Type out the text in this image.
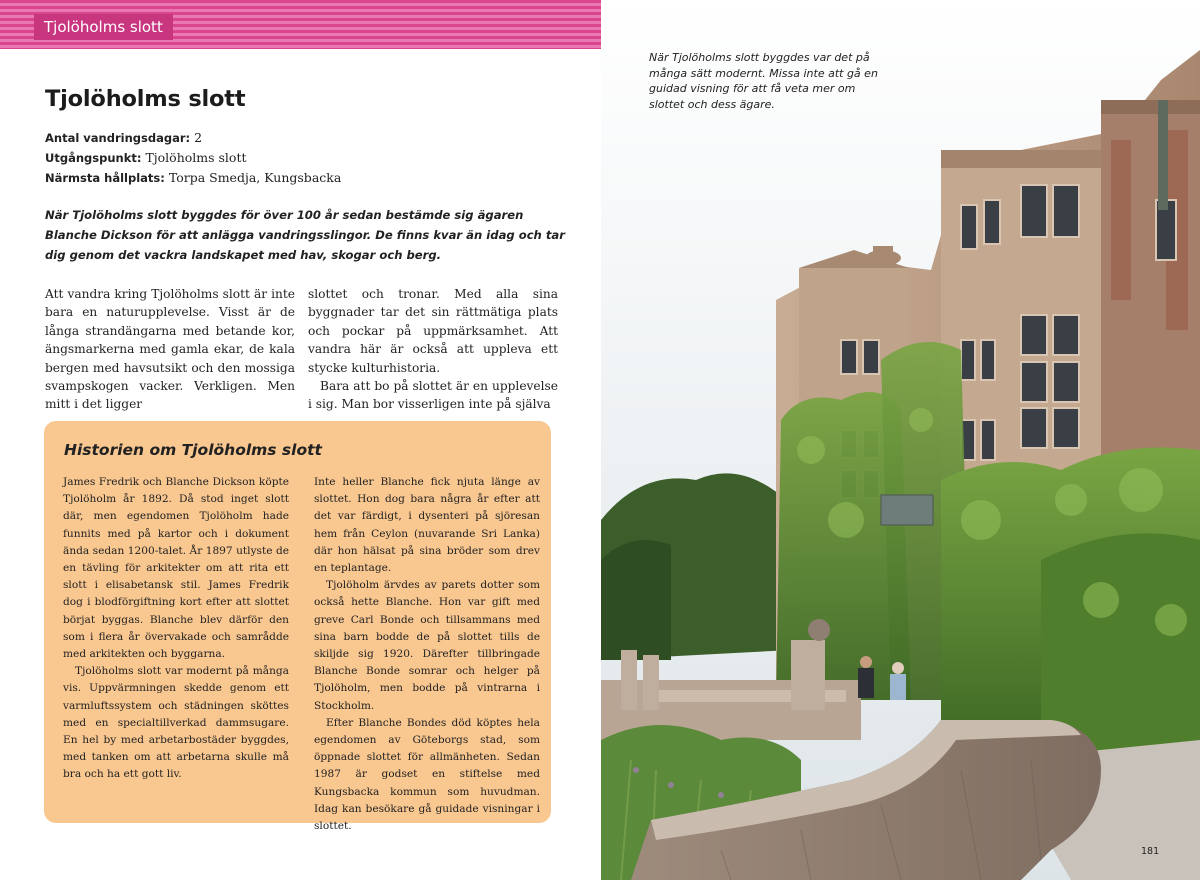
Tjolöholms slott
Tjolöholms slott
Antal vandringsdagar: 2
Utgångspunkt: Tjolöholms slott
Närmsta hållplats: Torpa Smedja, Kungsbacka

När Tjolöholms slott byggdes för över 100 år sedan bestämde sig ägaren Blanche Dickson för att anlägga vandringsslingor. De finns kvar än idag och tar dig genom det vackra landskapet med hav, skogar och berg.

Att vandra kring Tjolöholms slott är inte bara en naturupplevelse. Visst är de långa strandängarna med betande kor, ängsmarkerna med gamla ekar, de kala bergen med havsutsikt och den mossiga svampskogen vacker. Verkligen. Men mitt i det ligger

slottet och tronar. Med alla sina byggnader tar det sin rättmätiga plats och pockar på uppmärksamhet. Att vandra här är också att uppleva ett stycke kulturhistoria.

Bara att bo på slottet är en upplevelse i sig. Man bor visserligen inte på själva

Historien om Tjolöholms slott

James Fredrik och Blanche Dickson köpte Tjolöholm år 1892. Då stod inget slott där, men egendomen Tjolöholm hade funnits med på kartor och i dokument ända sedan 1200-talet. År 1897 utlyste de en tävling för arkitekter om att rita ett slott i elisabetansk stil. James Fredrik dog i blodförgiftning kort efter att slottet börjat byggas. Blanche blev därför den som i flera år övervakade och samrådde med arkitekten och byggarna.

Tjolöholms slott var modernt på många vis. Uppvärmningen skedde genom ett varmluftssystem och städningen sköttes med en specialtillverkad dammsugare. En hel by med arbetarbostäder byggdes, med tanken om att arbetarna skulle må bra och ha ett gott liv.

Inte heller Blanche fick njuta länge av slottet. Hon dog bara några år efter att det var färdigt, i dysenteri på sjöresan hem från Ceylon (nuvarande Sri Lanka) där hon hälsat på sina bröder som drev en teplantage.

Tjolöholm ärvdes av parets dotter som också hette Blanche. Hon var gift med greve Carl Bonde och tillsammans med sina barn bodde de på slottet tills de skiljde sig 1920. Därefter tillbringade Blanche Bonde somrar och helger på Tjolöholm, men bodde på vintrarna i Stockholm.

Efter Blanche Bondes död köptes hela egendomen av Göteborgs stad, som öppnade slottet för allmänheten. Sedan 1987 är godset en stiftelse med Kungsbacka kommun som huvudman. Idag kan besökare gå guidade visningar i slottet.

När Tjolöholms slott byggdes var det på många sätt modernt. Missa inte att gå en guidad visning för att få veta mer om slottet och dess ägare.

181
